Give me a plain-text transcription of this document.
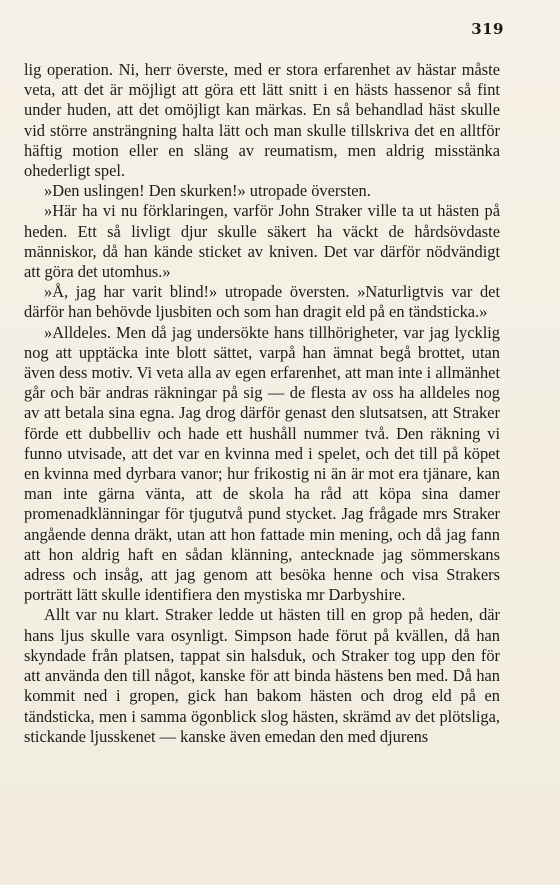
319

lig operation. Ni, herr överste, med er stora erfarenhet av hästar måste veta, att det är möjligt att göra ett lätt snitt i en hästs hassenor så fint under huden, att det omöjligt kan märkas. En så behandlad häst skulle vid större ansträngning halta lätt och man skulle tillskriva det en alltför häftig motion eller en släng av reumatism, men aldrig misstänka ohederligt spel.

»Den uslingen! Den skurken!» utropade översten.

»Här ha vi nu förklaringen, varför John Straker ville ta ut hästen på heden. Ett så livligt djur skulle säkert ha väckt de hårdsövdaste människor, då han kände sticket av kniven. Det var därför nödvändigt att göra det utomhus.»

»Å, jag har varit blind!» utropade översten. »Naturligtvis var det därför han behövde ljusbiten och som han dragit eld på en tändsticka.»

»Alldeles. Men då jag undersökte hans tillhörigheter, var jag lycklig nog att upptäcka inte blott sättet, varpå han ämnat begå brottet, utan även dess motiv. Vi veta alla av egen erfarenhet, att man inte i allmänhet går och bär andras räkningar på sig — de flesta av oss ha alldeles nog av att betala sina egna. Jag drog därför genast den slutsatsen, att Straker förde ett dubbelliv och hade ett hushåll nummer två. Den räkning vi funno utvisade, att det var en kvinna med i spelet, och det till på köpet en kvinna med dyrbara vanor; hur frikostig ni än är mot era tjänare, kan man inte gärna vänta, att de skola ha råd att köpa sina damer promenadklänningar för tjugutvå pund stycket. Jag frågade mrs Straker angående denna dräkt, utan att hon fattade min mening, och då jag fann att hon aldrig haft en sådan klänning, antecknade jag sömmerskans adress och insåg, att jag genom att besöka henne och visa Strakers porträtt lätt skulle identifiera den mystiska mr Darbyshire.

Allt var nu klart. Straker ledde ut hästen till en grop på heden, där hans ljus skulle vara osynligt. Simpson hade förut på kvällen, då han skyndade från platsen, tappat sin halsduk, och Straker tog upp den för att använda den till något, kanske för att binda hästens ben med. Då han kommit ned i gropen, gick han bakom hästen och drog eld på en tändsticka, men i samma ögonblick slog hästen, skrämd av det plötsliga, stickande ljusskenet — kanske även emedan den med djurens
